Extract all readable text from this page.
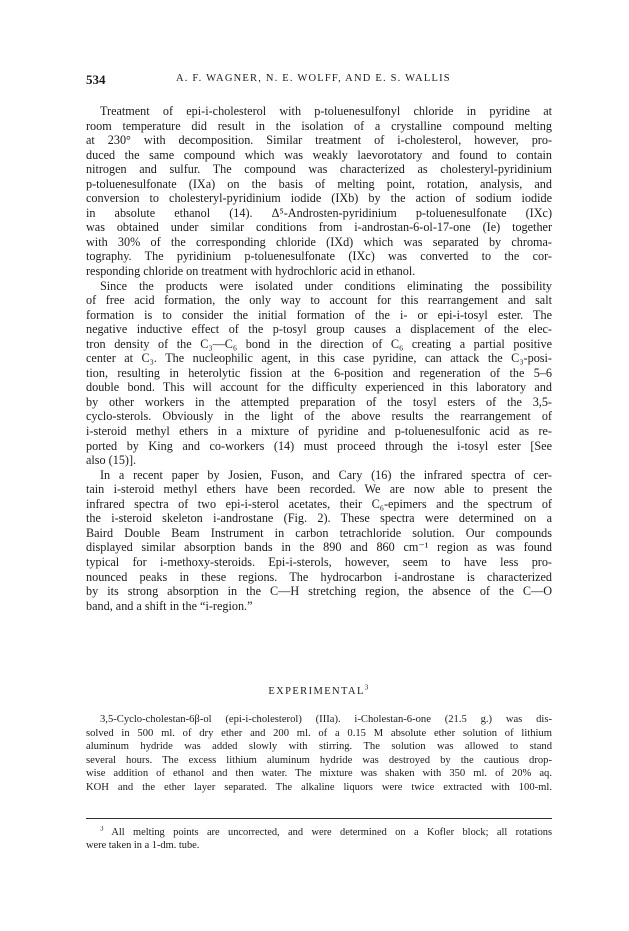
534	A. F. WAGNER, N. E. WOLFF, AND E. S. WALLIS
Treatment of epi-i-cholesterol with p-toluenesulfonyl chloride in pyridine at
room temperature did result in the isolation of a crystalline compound melting
at 230° with decomposition. Similar treatment of i-cholesterol, however, pro-
duced the same compound which was weakly laevorotatory and found to contain
nitrogen and sulfur. The compound was characterized as cholesteryl-pyridinium
p-toluenesulfonate (IXa) on the basis of melting point, rotation, analysis, and
conversion to cholesteryl-pyridinium iodide (IXb) by the action of sodium iodide
in absolute ethanol (14). Δ⁵-Androsten-pyridinium p-toluenesulfonate (IXc)
was obtained under similar conditions from i-androstan-6-ol-17-one (Ie) together
with 30% of the corresponding chloride (IXd) which was separated by chroma-
tography. The pyridinium p-toluenesulfonate (IXc) was converted to the cor-
responding chloride on treatment with hydrochloric acid in ethanol.
Since the products were isolated under conditions eliminating the possibility
of free acid formation, the only way to account for this rearrangement and salt
formation is to consider the initial formation of the i- or epi-i-tosyl ester. The
negative inductive effect of the p-tosyl group causes a displacement of the elec-
tron density of the C₃—C₆ bond in the direction of C₆ creating a partial positive
center at C₃. The nucleophilic agent, in this case pyridine, can attack the C₃-posi-
tion, resulting in heterolytic fission at the 6-position and regeneration of the 5–6
double bond. This will account for the difficulty experienced in this laboratory and
by other workers in the attempted preparation of the tosyl esters of the 3,5-
cyclo-sterols. Obviously in the light of the above results the rearrangement of
i-steroid methyl ethers in a mixture of pyridine and p-toluenesulfonic acid as re-
ported by King and co-workers (14) must proceed through the i-tosyl ester [See
also (15)].
In a recent paper by Josien, Fuson, and Cary (16) the infrared spectra of cer-
tain i-steroid methyl ethers have been recorded. We are now able to present the
infrared spectra of two epi-i-sterol acetates, their C₆-epimers and the spectrum of
the i-steroid skeleton i-androstane (Fig. 2). These spectra were determined on a
Baird Double Beam Instrument in carbon tetrachloride solution. Our compounds
displayed similar absorption bands in the 890 and 860 cm⁻¹ region as was found
typical for i-methoxy-steroids. Epi-i-sterols, however, seem to have less pro-
nounced peaks in these regions. The hydrocarbon i-androstane is characterized
by its strong absorption in the C—H stretching region, the absence of the C—O
band, and a shift in the “i-region.”
EXPERIMENTAL$^3$
3,5-Cyclo-cholestan-6β-ol (epi-i-cholesterol) (IIIa). i-Cholestan-6-one (21.5 g.) was dis-
solved in 500 ml. of dry ether and 200 ml. of a 0.15 M absolute ether solution of lithium
aluminum hydride was added slowly with stirring. The solution was allowed to stand
several hours. The excess lithium aluminum hydride was destroyed by the cautious drop-
wise addition of ethanol and then water. The mixture was shaken with 350 ml. of 20% aq.
KOH and the ether layer separated. The alkaline liquors were twice extracted with 100-ml.
$^3$ All melting points are uncorrected, and were determined on a Kofler block; all rotations
were taken in a 1-dm. tube.
